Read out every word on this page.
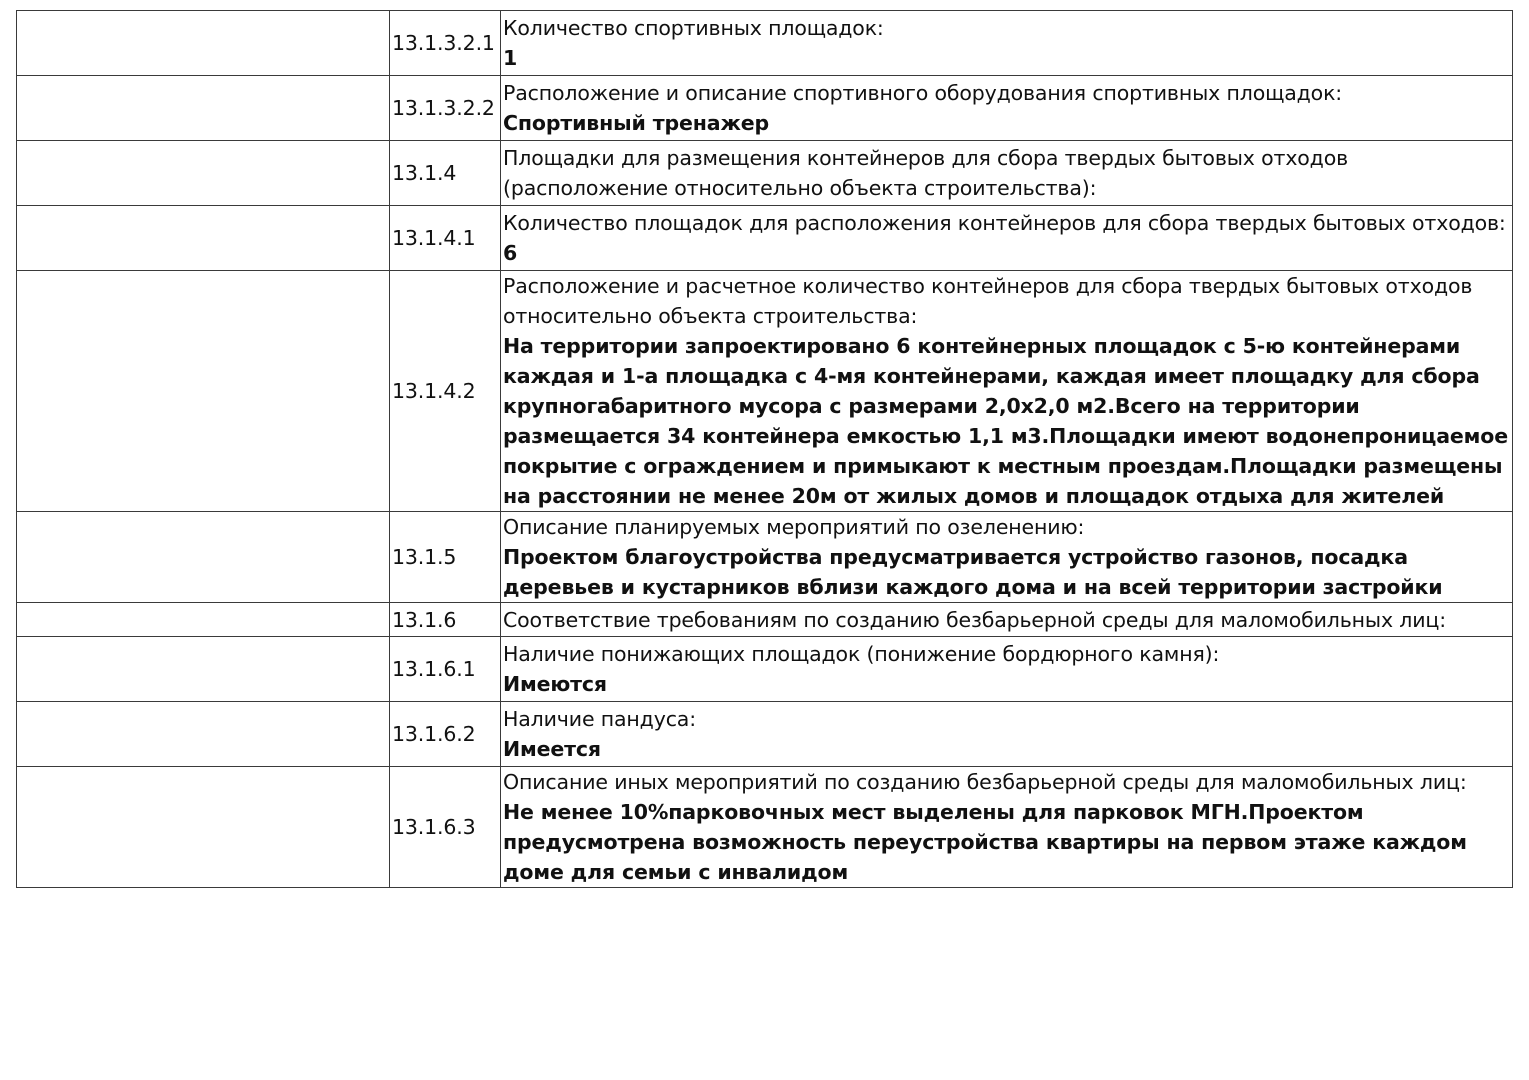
	13.1.3.2.1	Количество спортивных площадок:
1

	13.1.3.2.2	Расположение и описание спортивного оборудования спортивных площадок:
Спортивный тренажер

	13.1.4	Площадки для размещения контейнеров для сбора твердых бытовых отходов (расположение относительно объекта строительства):

	13.1.4.1	Количество площадок для расположения контейнеров для сбора твердых бытовых отходов:
6

	13.1.4.2	Расположение и расчетное количество контейнеров для сбора твердых бытовых отходов относительно объекта строительства:
На территории запроектировано 6 контейнерных площадок с 5-ю контейнерами каждая и 1-а площадка с 4-мя контейнерами, каждая имеет площадку для сбора крупногабаритного мусора с размерами 2,0х2,0 м2.Всего на территории размещается 34 контейнера емкостью 1,1 м3.Площадки имеют водонепроницаемое покрытие с ограждением и примыкают к местным проездам.Площадки размещены на расстоянии не менее 20м от жилых домов и площадок отдыха для жителей

	13.1.5	Описание планируемых мероприятий по озеленению:
Проектом благоустройства предусматривается устройство газонов, посадка деревьев и кустарников вблизи каждого дома и на всей территории застройки

	13.1.6	Соответствие требованиям по созданию безбарьерной среды для маломобильных лиц:

	13.1.6.1	Наличие понижающих площадок (понижение бордюрного камня):
Имеются

	13.1.6.2	Наличие пандуса:
Имеется

	13.1.6.3	Описание иных мероприятий по созданию безбарьерной среды для маломобильных лиц:
Не менее 10%парковочных мест выделены для парковок МГН.Проектом предусмотрена возможность переустройства квартиры на первом этаже каждом доме для семьи с инвалидом
